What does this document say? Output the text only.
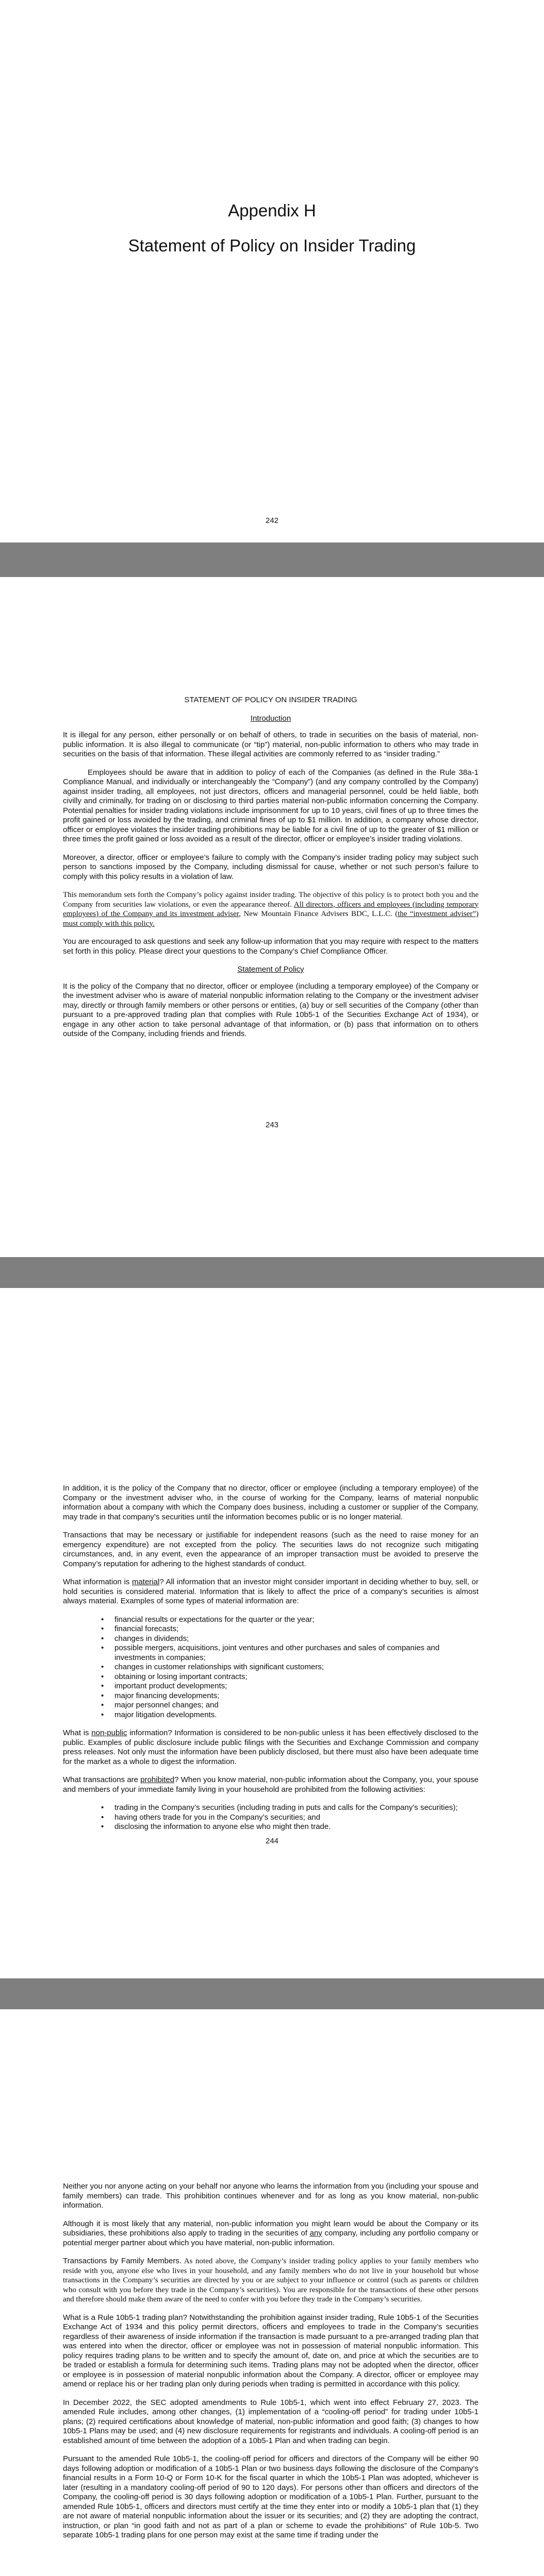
Appendix H
Statement of Policy on Insider Trading
242
STATEMENT OF POLICY ON INSIDER TRADING
Introduction

It is illegal for any person, either personally or on behalf of others, to trade in securities on the basis of material, non-public information. It is also illegal to communicate (or “tip”) material, non-public information to others who may trade in securities on the basis of that information. These illegal activities are commonly referred to as “insider trading.”

Employees should be aware that in addition to policy of each of the Companies (as defined in the Rule 38a-1 Compliance Manual, and individually or interchangeably the “Company”) (and any company controlled by the Company) against insider trading, all employees, not just directors, officers and managerial personnel, could be held liable, both civilly and criminally, for trading on or disclosing to third parties material non-public information concerning the Company. Potential penalties for insider trading violations include imprisonment for up to 10 years, civil fines of up to three times the profit gained or loss avoided by the trading, and criminal fines of up to $1 million. In addition, a company whose director, officer or employee violates the insider trading prohibitions may be liable for a civil fine of up to the greater of $1 million or three times the profit gained or loss avoided as a result of the director, officer or employee’s insider trading violations.

Moreover, a director, officer or employee’s failure to comply with the Company’s insider trading policy may subject such person to sanctions imposed by the Company, including dismissal for cause, whether or not such person’s failure to comply with this policy results in a violation of law.

This memorandum sets forth the Company’s policy against insider trading. The objective of this policy is to protect both you and the Company from securities law violations, or even the appearance thereof. All directors, officers and employees (including temporary employees) of the Company and its investment adviser, New Mountain Finance Advisers BDC, L.L.C. (the “investment adviser”) must comply with this policy.

You are encouraged to ask questions and seek any follow-up information that you may require with respect to the matters set forth in this policy. Please direct your questions to the Company’s Chief Compliance Officer.

Statement of Policy

It is the policy of the Company that no director, officer or employee (including a temporary employee) of the Company or the investment adviser who is aware of material nonpublic information relating to the Company or the investment adviser may, directly or through family members or other persons or entities, (a) buy or sell securities of the Company (other than pursuant to a pre-approved trading plan that complies with Rule 10b5-1 of the Securities Exchange Act of 1934), or engage in any other action to take personal advantage of that information, or (b) pass that information on to others outside of the Company, including friends and friends.

243

In addition, it is the policy of the Company that no director, officer or employee (including a temporary employee) of the Company or the investment adviser who, in the course of working for the Company, learns of material nonpublic information about a company with which the Company does business, including a customer or supplier of the Company, may trade in that company’s securities until the information becomes public or is no longer material.

Transactions that may be necessary or justifiable for independent reasons (such as the need to raise money for an emergency expenditure) are not excepted from the policy. The securities laws do not recognize such mitigating circumstances, and, in any event, even the appearance of an improper transaction must be avoided to preserve the Company’s reputation for adhering to the highest standards of conduct.

What information is material? All information that an investor might consider important in deciding whether to buy, sell, or hold securities is considered material. Information that is likely to affect the price of a company’s securities is almost always material. Examples of some types of material information are:

• financial results or expectations for the quarter or the year;
• financial forecasts;
• changes in dividends;
• possible mergers, acquisitions, joint ventures and other purchases and sales of companies and investments in companies;
• changes in customer relationships with significant customers;
• obtaining or losing important contracts;
• important product developments;
• major financing developments;
• major personnel changes; and
• major litigation developments.

What is non-public information? Information is considered to be non-public unless it has been effectively disclosed to the public. Examples of public disclosure include public filings with the Securities and Exchange Commission and company press releases. Not only must the information have been publicly disclosed, but there must also have been adequate time for the market as a whole to digest the information.

What transactions are prohibited? When you know material, non-public information about the Company, you, your spouse and members of your immediate family living in your household are prohibited from the following activities:

• trading in the Company’s securities (including trading in puts and calls for the Company’s securities);
• having others trade for you in the Company’s securities; and
• disclosing the information to anyone else who might then trade.
244

Neither you nor anyone acting on your behalf nor anyone who learns the information from you (including your spouse and family members) can trade. This prohibition continues whenever and for as long as you know material, non-public information.

Although it is most likely that any material, non-public information you might learn would be about the Company or its subsidiaries, these prohibitions also apply to trading in the securities of any company, including any portfolio company or potential merger partner about which you have material, non-public information.

Transactions by Family Members. As noted above, the Company’s insider trading policy applies to your family members who reside with you, anyone else who lives in your household, and any family members who do not live in your household but whose transactions in the Company’s securities are directed by you or are subject to your influence or control (such as parents or children who consult with you before they trade in the Company’s securities). You are responsible for the transactions of these other persons and therefore should make them aware of the need to confer with you before they trade in the Company’s securities.

What is a Rule 10b5-1 trading plan? Notwithstanding the prohibition against insider trading, Rule 10b5-1 of the Securities Exchange Act of 1934 and this policy permit directors, officers and employees to trade in the Company’s securities regardless of their awareness of inside information if the transaction is made pursuant to a pre-arranged trading plan that was entered into when the director, officer or employee was not in possession of material nonpublic information. This policy requires trading plans to be written and to specify the amount of, date on, and price at which the securities are to be traded or establish a formula for determining such items. Trading plans may not be adopted when the director, officer or employee is in possession of material nonpublic information about the Company. A director, officer or employee may amend or replace his or her trading plan only during periods when trading is permitted in accordance with this policy.

In December 2022, the SEC adopted amendments to Rule 10b5-1, which went into effect February 27, 2023. The amended Rule includes, among other changes, (1) implementation of a “cooling-off period” for trading under 10b5-1 plans; (2) required certifications about knowledge of material, non-public information and good faith; (3) changes to how 10b5-1 Plans may be used; and (4) new disclosure requirements for registrants and individuals. A cooling-off period is an established amount of time between the adoption of a 10b5-1 Plan and when trading can begin.

Pursuant to the amended Rule 10b5-1, the cooling-off period for officers and directors of the Company will be either 90 days following adoption or modification of a 10b5-1 Plan or two business days following the disclosure of the Company’s financial results in a Form 10-Q or Form 10-K for the fiscal quarter in which the 10b5-1 Plan was adopted, whichever is later (resulting in a mandatory cooling-off period of 90 to 120 days). For persons other than officers and directors of the Company, the cooling-off period is 30 days following adoption or modification of a 10b5-1 Plan. Further, pursuant to the amended Rule 10b5-1, officers and directors must certify at the time they enter into or modify a 10b5-1 plan that (1) they are not aware of material nonpublic information about the issuer or its securities; and (2) they are adopting the contract, instruction, or plan “in good faith and not as part of a plan or scheme to evade the prohibitions” of Rule 10b-5. Two separate 10b5-1 trading plans for one person may exist at the same time if trading under the
